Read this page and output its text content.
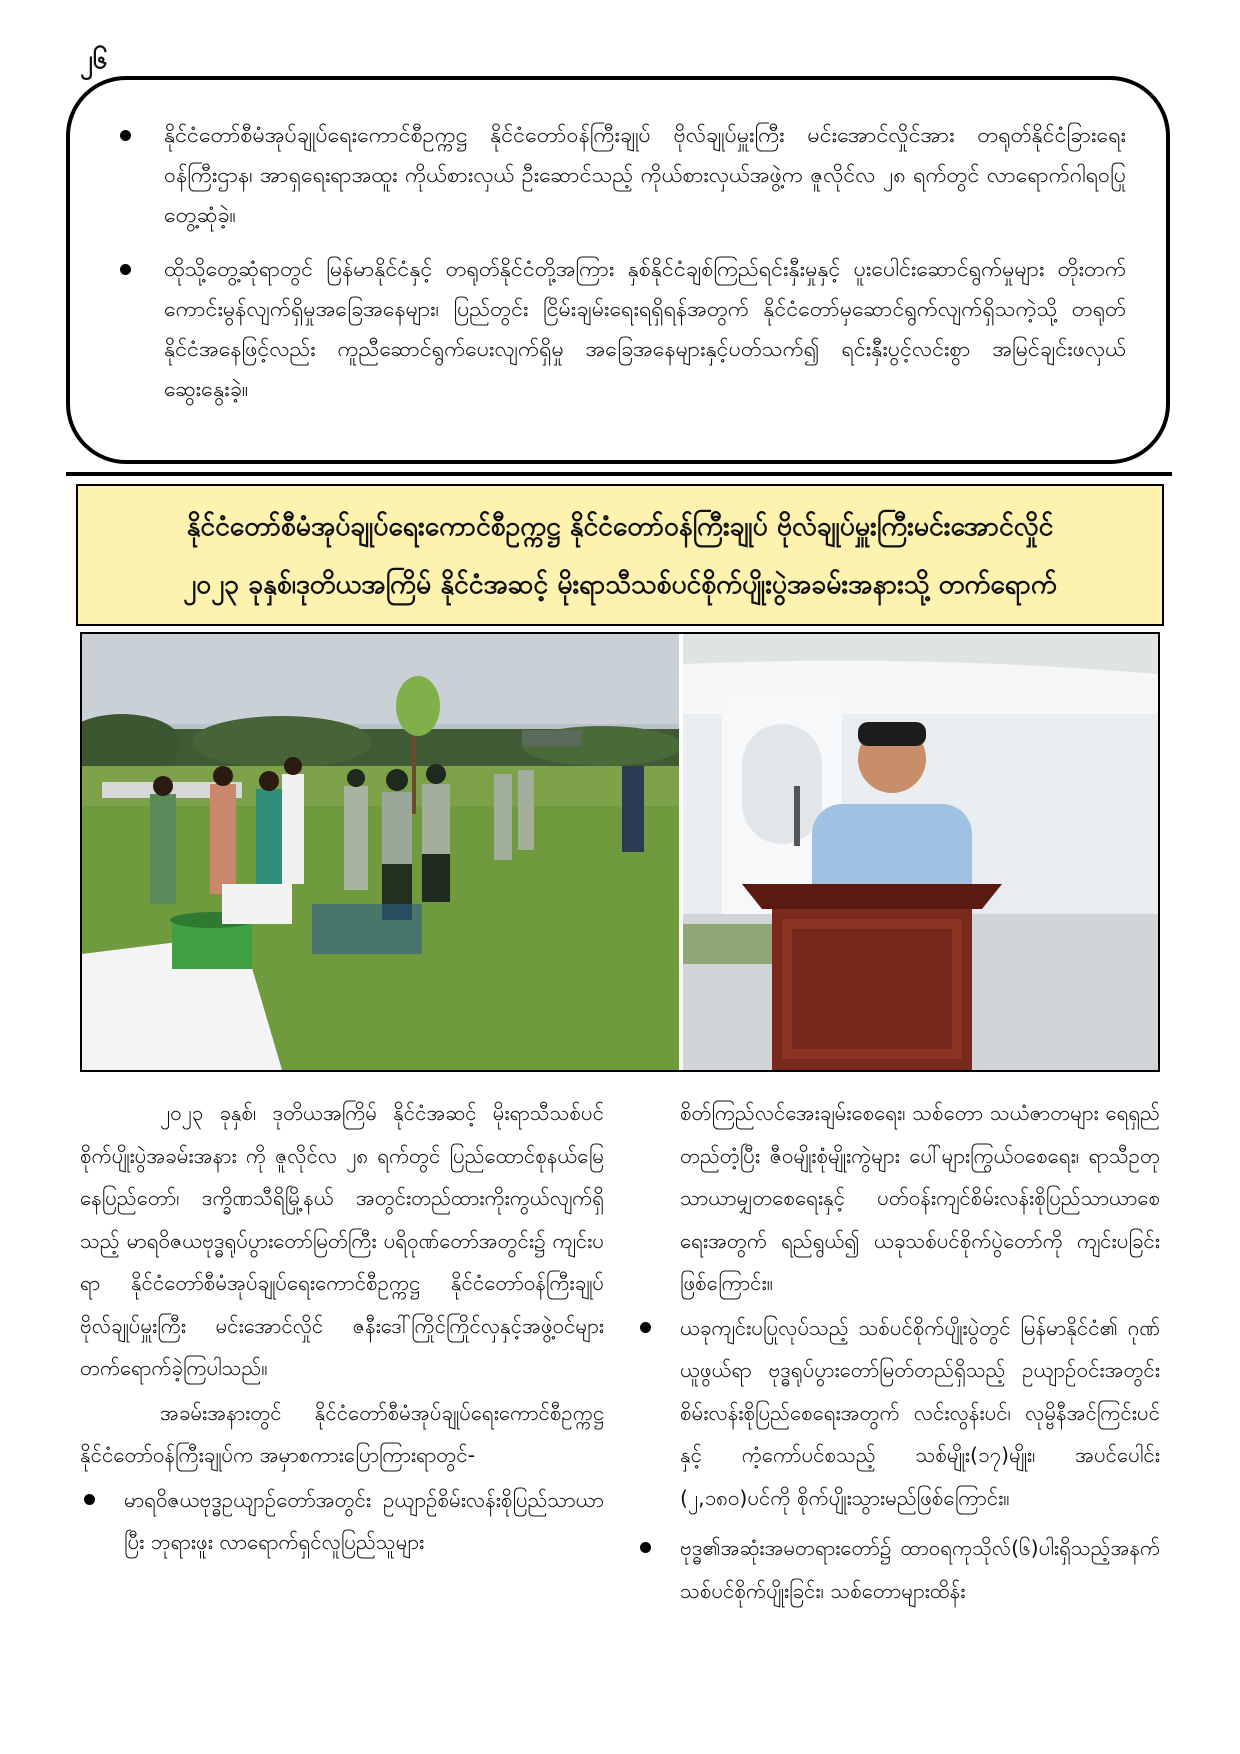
၂၆

နိုင်ငံတော်စီမံအုပ်ချုပ်ရေးကောင်စီဥက္ကဋ္ဌ နိုင်ငံတော်ဝန်ကြီးချုပ် ဗိုလ်ချုပ်မှူးကြီး မင်းအောင်လှိုင်အား တရုတ်နိုင်ငံခြားရေးဝန်ကြီးဌာန၊ အာရှရေးရာအထူး ကိုယ်စားလှယ် ဦးဆောင်သည့် ကိုယ်စားလှယ်အဖွဲ့က ဇူလိုင်လ ၂၈ ရက်တွင် လာရောက်ဂါရဝပြု တွေ့ဆုံခဲ့။

ထိုသို့တွေ့ဆုံရာတွင် မြန်မာနိုင်ငံနှင့် တရုတ်နိုင်ငံတို့အကြား နှစ်နိုင်ငံချစ်ကြည်ရင်းနှီးမှုနှင့် ပူးပေါင်းဆောင်ရွက်မှုများ တိုးတက်ကောင်းမွန်လျက်ရှိမှုအခြေအနေများ၊ ပြည်တွင်း ငြိမ်းချမ်းရေးရရှိရန်အတွက် နိုင်ငံတော်မှဆောင်ရွက်လျက်ရှိသကဲ့သို့ တရုတ်နိုင်ငံအနေဖြင့်လည်း ကူညီဆောင်ရွက်ပေးလျက်ရှိမှု အခြေအနေများနှင့်ပတ်သက်၍ ရင်းနှီးပွင့်လင်းစွာ အမြင်ချင်းဖလှယ် ဆွေးနွေးခဲ့။

နိုင်ငံတော်စီမံအုပ်ချုပ်ရေးကောင်စီဥက္ကဋ္ဌ နိုင်ငံတော်ဝန်ကြီးချုပ် ဗိုလ်ချုပ်မှူးကြီးမင်းအောင်လှိုင်
၂၀၂၃ ခုနှစ်၊ဒုတိယအကြိမ် နိုင်ငံအဆင့် မိုးရာသီသစ်ပင်စိုက်ပျိုးပွဲအခမ်းအနားသို့ တက်ရောက်

၂၀၂၃ ခုနှစ်၊ ဒုတိယအကြိမ် နိုင်ငံအဆင့် မိုးရာသီသစ်ပင်စိုက်ပျိုးပွဲအခမ်းအနား ကို ဇူလိုင်လ ၂၈ ရက်တွင် ပြည်ထောင်စုနယ်မြေ နေပြည်တော်၊ ဒက္ခိဏသီရိမြို့နယ် အတွင်းတည်ထားကိုးကွယ်လျက်ရှိသည့် မာရဝိဇယဗုဒ္ဓရုပ်ပွားတော်မြတ်ကြီး ပရိဝုဏ်တော်အတွင်း၌ ကျင်းပရာ နိုင်ငံတော်စီမံအုပ်ချုပ်ရေးကောင်စီဥက္ကဋ္ဌ နိုင်ငံတော်ဝန်ကြီးချုပ် ဗိုလ်ချုပ်မှူးကြီး မင်းအောင်လှိုင် ဇနီးဒေါ်ကြိုင်ကြိုင်လှနှင့်အဖွဲ့ဝင်များ တက်ရောက်ခဲ့ကြပါသည်။

အခမ်းအနားတွင် နိုင်ငံတော်စီမံအုပ်ချုပ်ရေးကောင်စီဥက္ကဋ္ဌ နိုင်ငံတော်ဝန်ကြီးချုပ်က အမှာစကားပြောကြားရာတွင်-

မာရဝိဇယဗုဒ္ဓဥယျာဉ်တော်အတွင်း ဥယျာဉ်စိမ်းလန်းစိုပြည်သာယာပြီး ဘုရားဖူး လာရောက်ရှင်လူပြည်သူများ

စိတ်ကြည်လင်အေးချမ်းစေရေး၊ သစ်တော သယံဇာတများ ရေရှည်တည်တံ့ပြီး ဇီဝမျိုးစုံမျိုးကွဲများ ပေါ်များကြွယ်ဝစေရေး၊ ရာသီဥတုသာယာမျှတစေရေးနှင့် ပတ်ဝန်းကျင်စိမ်းလန်းစိုပြည်သာယာစေရေးအတွက် ရည်ရွယ်၍ ယခုသစ်ပင်စိုက်ပွဲတော်ကို ကျင်းပခြင်းဖြစ်ကြောင်း။

ယခုကျင်းပပြုလုပ်သည့် သစ်ပင်စိုက်ပျိုးပွဲတွင် မြန်မာနိုင်ငံ၏ ဂုဏ်ယူဖွယ်ရာ ဗုဒ္ဓရုပ်ပွားတော်မြတ်တည်ရှိသည့် ဥယျာဉ်ဝင်းအတွင်း စိမ်းလန်းစိုပြည်စေရေးအတွက် လင်းလွန်းပင်၊ လုမ္ဗိနီအင်ကြင်းပင်နှင့် ကံ့ကော်ပင်စသည့် သစ်မျိုး(၁၇)မျိုး၊ အပင်ပေါင်း (၂,၁၈၀)ပင်ကို စိုက်ပျိုးသွားမည်ဖြစ်ကြောင်း။

ဗုဒ္ဓ၏အဆုံးအမတရားတော်၌ ထာဝရကုသိုလ်(၆)ပါးရှိသည့်အနက် သစ်ပင်စိုက်ပျိုးခြင်း၊ သစ်တောများထိန်း
